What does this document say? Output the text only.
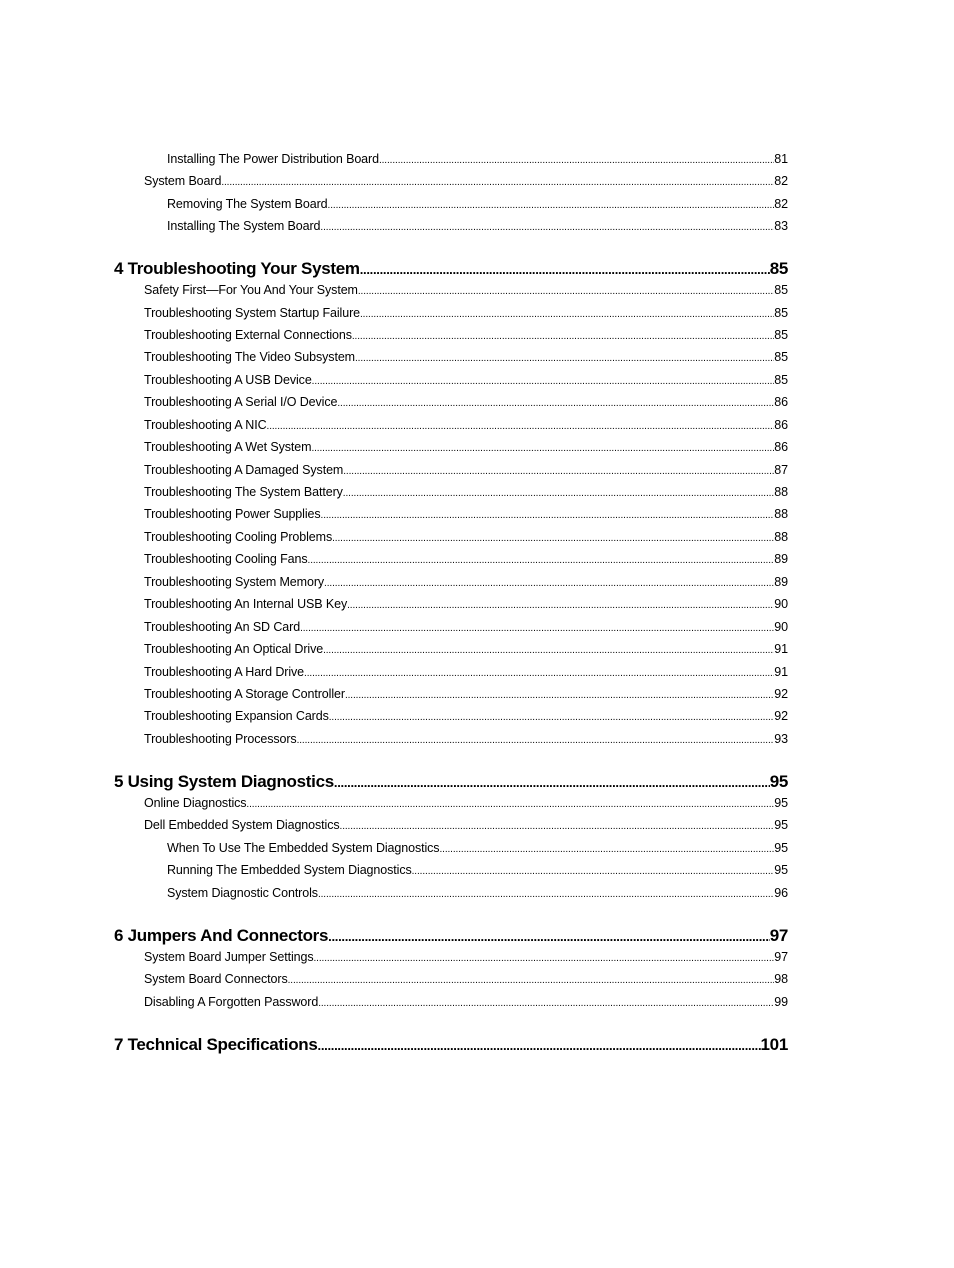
Installing The Power Distribution Board .....	81
System Board .....	82
Removing The System Board .....	82
Installing The System Board .....	83
4 Troubleshooting Your System .....	85
Safety First—For You And Your System .....	85
Troubleshooting System Startup Failure .....	85
Troubleshooting External Connections .....	85
Troubleshooting The Video Subsystem .....	85
Troubleshooting A USB Device .....	85
Troubleshooting A Serial I/O Device .....	86
Troubleshooting A NIC .....	86
Troubleshooting A Wet System .....	86
Troubleshooting A Damaged System .....	87
Troubleshooting The System Battery .....	88
Troubleshooting Power Supplies .....	88
Troubleshooting Cooling Problems .....	88
Troubleshooting Cooling Fans .....	89
Troubleshooting System Memory .....	89
Troubleshooting An Internal USB Key .....	90
Troubleshooting An SD Card .....	90
Troubleshooting An Optical Drive .....	91
Troubleshooting A Hard Drive .....	91
Troubleshooting A Storage Controller .....	92
Troubleshooting Expansion Cards .....	92
Troubleshooting Processors .....	93
5 Using System Diagnostics .....	95
Online Diagnostics .....	95
Dell Embedded System Diagnostics .....	95
When To Use The Embedded System Diagnostics .....	95
Running The Embedded System Diagnostics .....	95
System Diagnostic Controls .....	96
6 Jumpers And Connectors .....	97
System Board Jumper Settings .....	97
System Board Connectors .....	98
Disabling A Forgotten Password .....	99
7 Technical Specifications .....	101
